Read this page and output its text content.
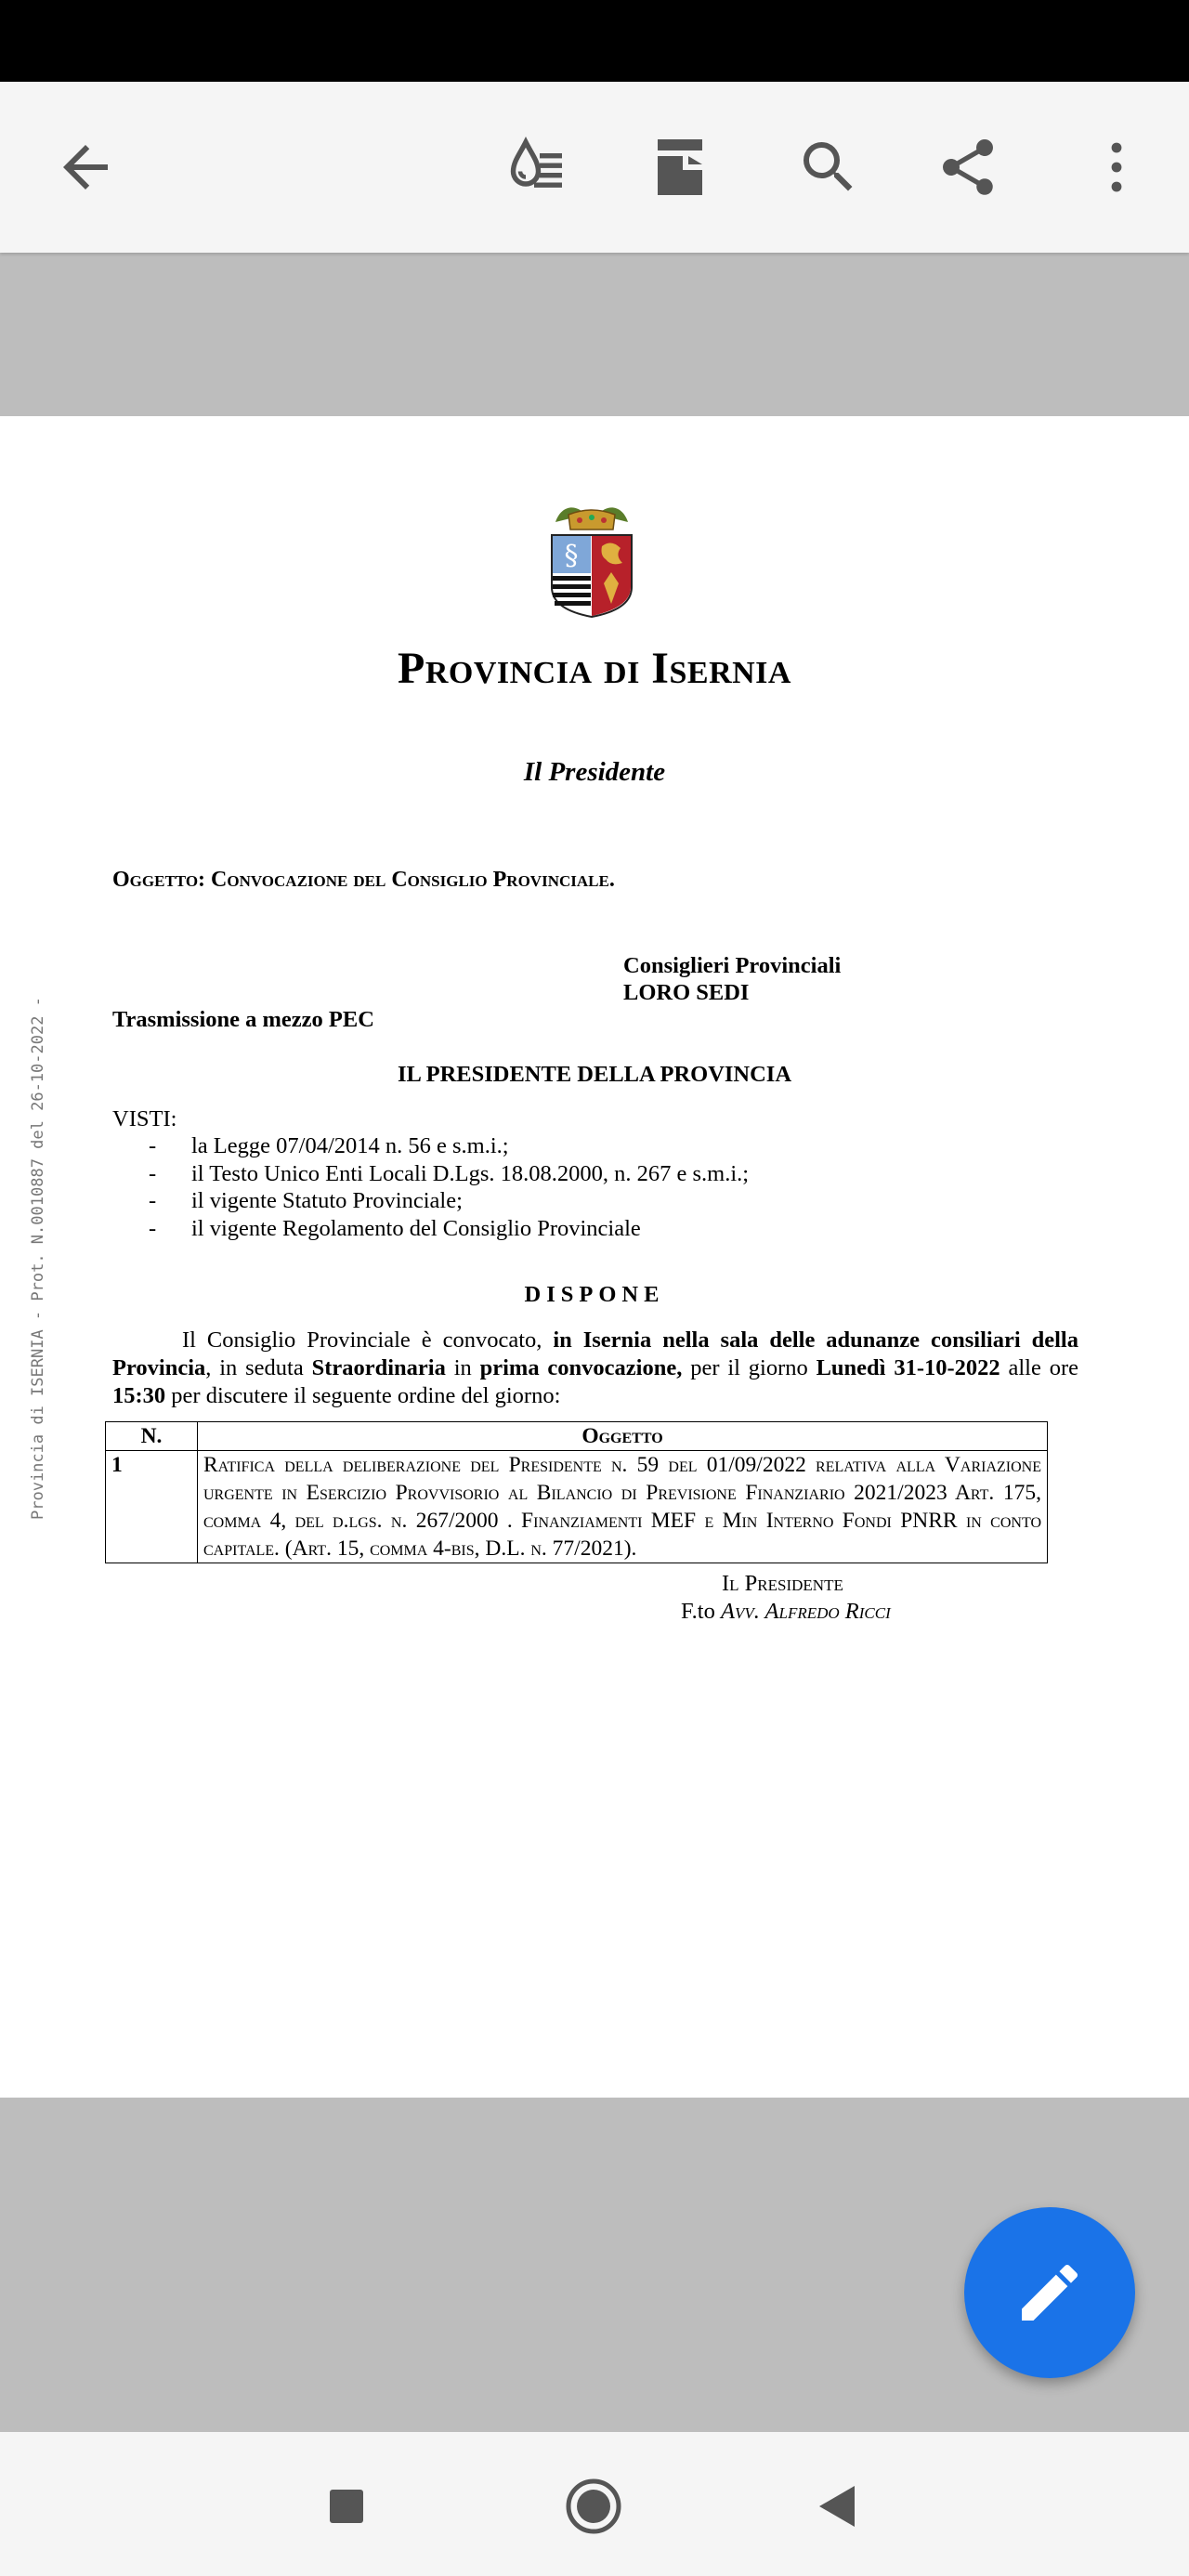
Provincia di ISERNIA - Prot. N.0010887 del 26-10-2022 -
§
Provincia di Isernia
Il Presidente
Oggetto: Convocazione del Consiglio Provinciale.
Consiglieri Provinciali
LORO SEDI
Trasmissione a mezzo PEC
IL PRESIDENTE DELLA PROVINCIA
VISTI:
- la Legge 07/04/2014 n. 56 e s.m.i.;
- il Testo Unico Enti Locali D.Lgs. 18.08.2000, n. 267 e s.m.i.;
- il vigente Statuto Provinciale;
- il vigente Regolamento del Consiglio Provinciale
DISPONE

Il Consiglio Provinciale è convocato, in Isernia nella sala delle adunanze consiliari della Provincia, in seduta Straordinaria in prima convocazione, per il giorno Lunedì 31-10-2022 alle ore 15:30 per discutere il seguente ordine del giorno:

N.	Oggetto
1	Ratifica della deliberazione del Presidente n. 59 del 01/09/2022 relativa alla Variazione urgente in Esercizio Provvisorio al Bilancio di Previsione Finanziario 2021/2023 Art. 175, comma 4, del d.lgs. n. 267/2000 . Finanziamenti MEF e Min Interno Fondi PNRR in conto capitale. (Art. 15, comma 4-bis, D.L. n. 77/2021).
Il Presidente
F.to Avv. Alfredo Ricci
